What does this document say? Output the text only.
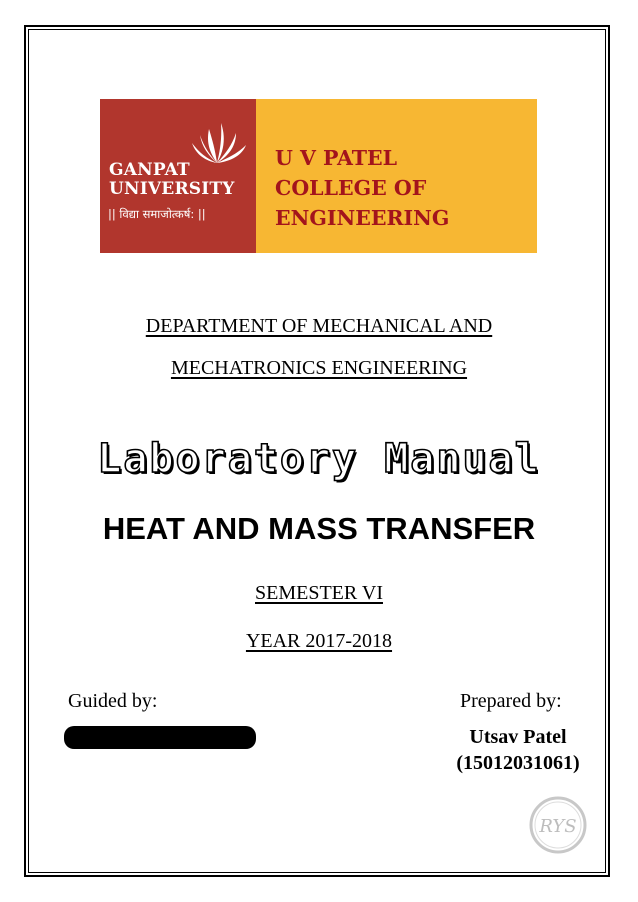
GANPAT
UNIVERSITY
|| विद्या समाजोत्कर्ष: ||
U V PATEL
COLLEGE OF
ENGINEERING
DEPARTMENT OF MECHANICAL AND
MECHATRONICS ENGINEERING
Laboratory Manual
HEAT AND MASS TRANSFER
SEMESTER VI
YEAR 2017-2018
Guided by:	Prepared by:
Utsav Patel
(15012031061)
RYS
